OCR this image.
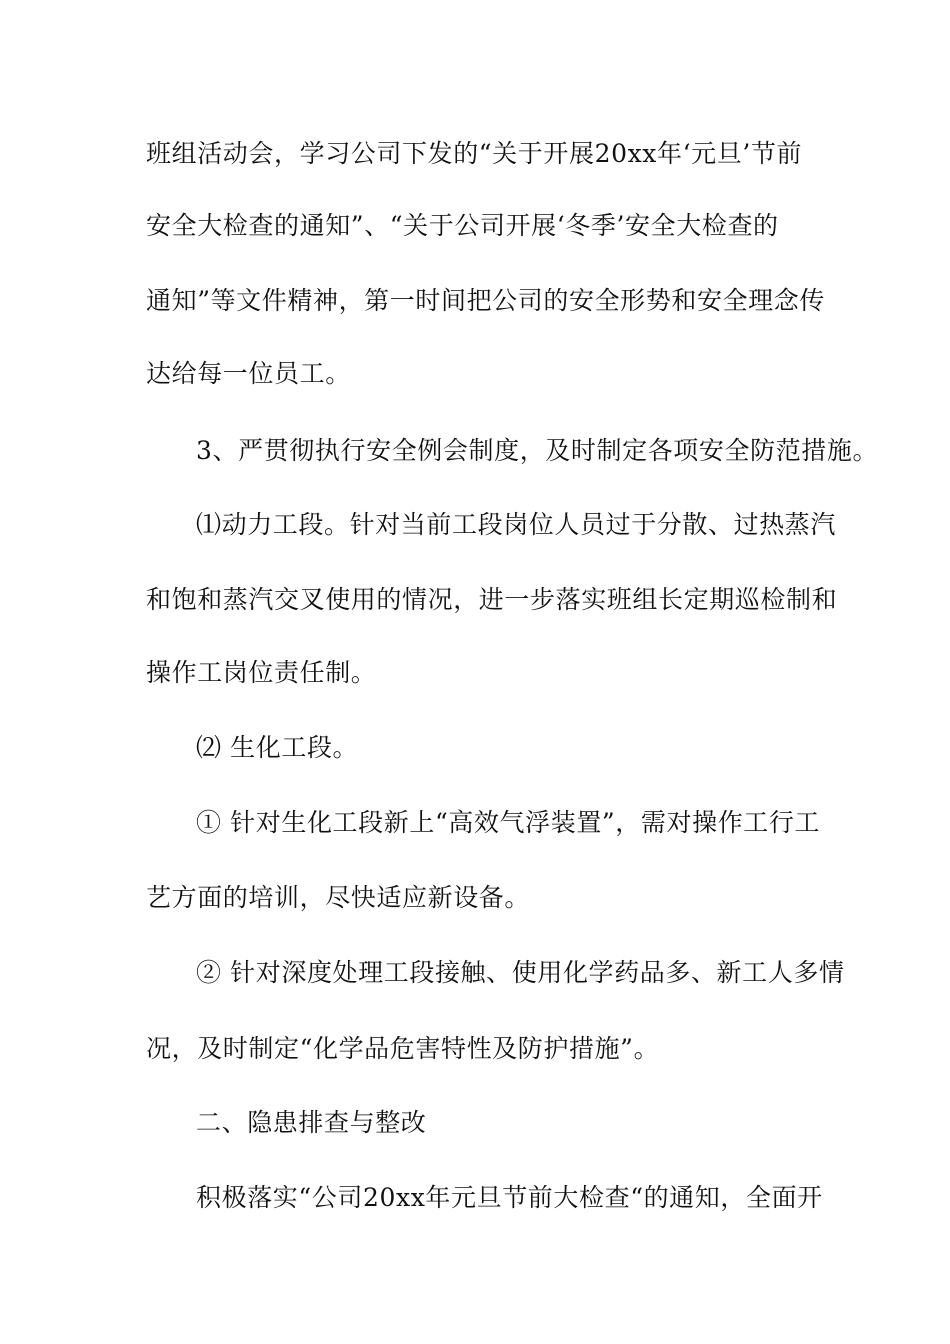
班组活动会，学习公司下发的“关于开展20xx年‘元旦’节前
安全大检查的通知”、“关于公司开展‘冬季’安全大检查的
通知”等文件精神，第一时间把公司的安全形势和安全理念传
达给每一位员工。
3、严贯彻执行安全例会制度，及时制定各项安全防范措施。
⑴动力工段。针对当前工段岗位人员过于分散、过热蒸汽
和饱和蒸汽交叉使用的情况，进一步落实班组长定期巡检制和
操作工岗位责任制。
⑵ 生化工段。
① 针对生化工段新上“高效气浮装置”，需对操作工行工
艺方面的培训，尽快适应新设备。
② 针对深度处理工段接触、使用化学药品多、新工人多情
况，及时制定“化学品危害特性及防护措施”。
二、隐患排查与整改
积极落实“公司20xx年元旦节前大检查“的通知，全面开
